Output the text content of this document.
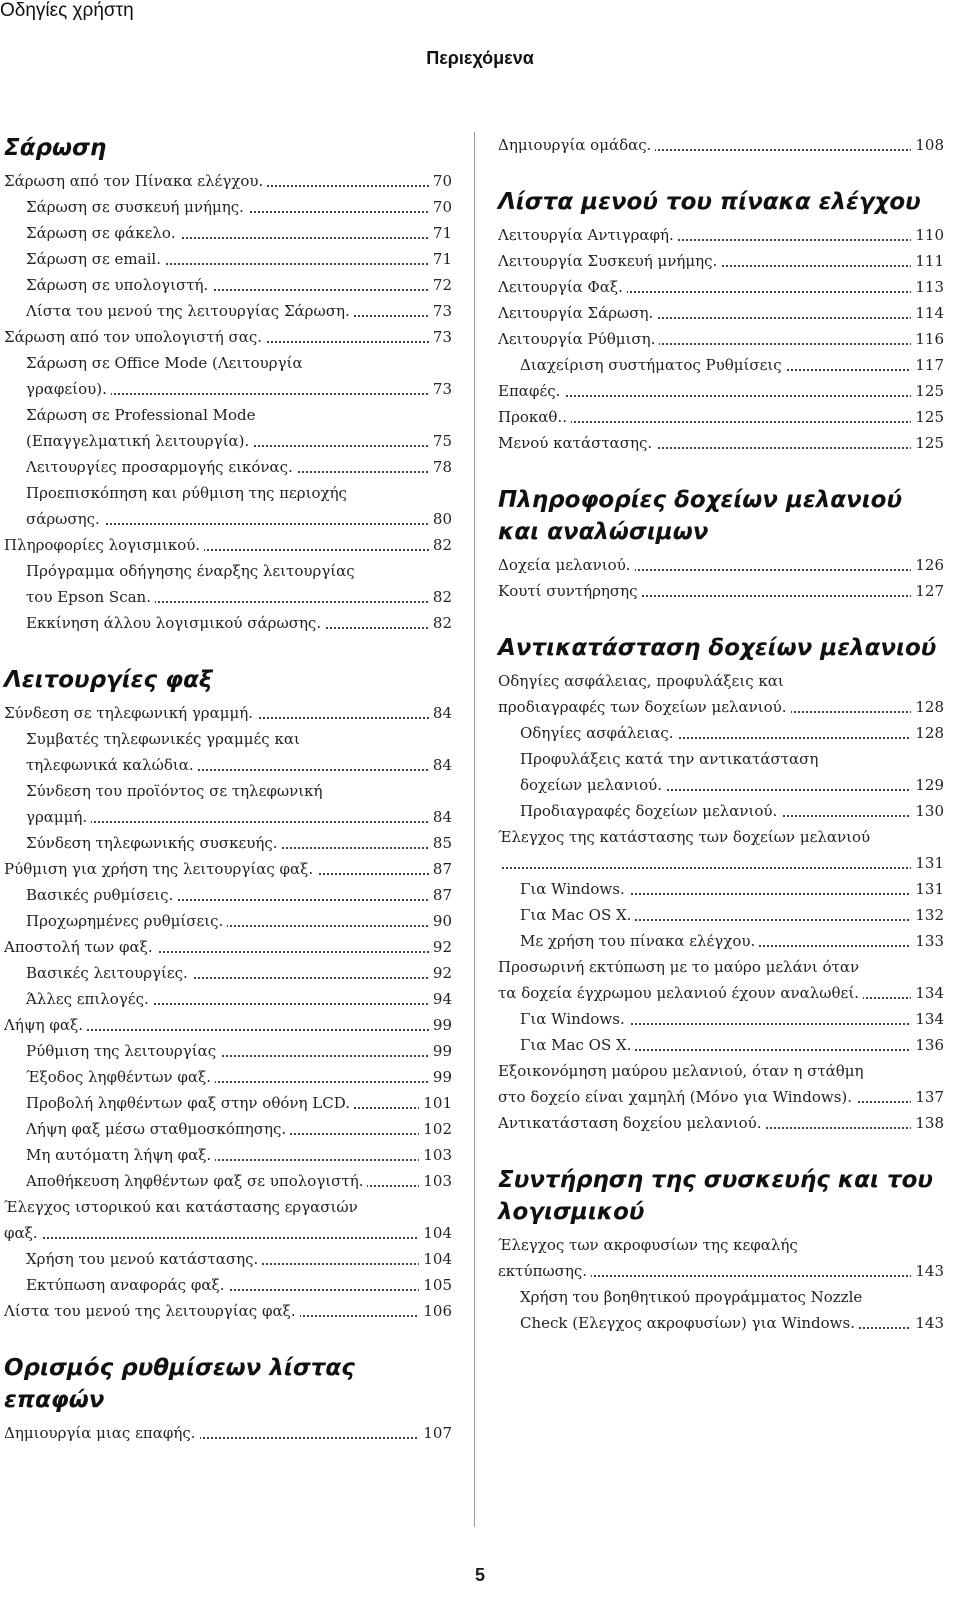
Οδηγίες χρήστη
Περιεχόμενα
Σάρωση
Σάρωση από τον Πίνακα ελέγχου.	70
Σάρωση σε συσκευή μνήμης.	70
Σάρωση σε φάκελο.	71
Σάρωση σε email.	71
Σάρωση σε υπολογιστή.	72
Λίστα του μενού της λειτουργίας Σάρωση.	73
Σάρωση από τον υπολογιστή σας.	73
Σάρωση σε Office Mode (Λειτουργία
γραφείου).	73
Σάρωση σε Professional Mode
(Επαγγελματική λειτουργία).	75
Λειτουργίες προσαρμογής εικόνας.	78
Προεπισκόπηση και ρύθμιση της περιοχής
σάρωσης.	80
Πληροφορίες λογισμικού.	82
Πρόγραμμα οδήγησης έναρξης λειτουργίας
του Epson Scan.	82
Εκκίνηση άλλου λογισμικού σάρωσης.	82
Λειτουργίες φαξ
Σύνδεση σε τηλεφωνική γραμμή.	84
Συμβατές τηλεφωνικές γραμμές και
τηλεφωνικά καλώδια.	84
Σύνδεση του προϊόντος σε τηλεφωνική
γραμμή.	84
Σύνδεση τηλεφωνικής συσκευής.	85
Ρύθμιση για χρήση της λειτουργίας φαξ.	87
Βασικές ρυθμίσεις.	87
Προχωρημένες ρυθμίσεις.	90
Αποστολή των φαξ.	92
Βασικές λειτουργίες.	92
Άλλες επιλογές.	94
Λήψη φαξ.	99
Ρύθμιση της λειτουργίας	99
Έξοδος ληφθέντων φαξ.	99
Προβολή ληφθέντων φαξ στην οθόνη LCD.	101
Λήψη φαξ μέσω σταθμοσκόπησης.	102
Μη αυτόματη λήψη φαξ.	103
Αποθήκευση ληφθέντων φαξ σε υπολογιστή.	103
Έλεγχος ιστορικού και κατάστασης εργασιών
φαξ.	104
Χρήση του μενού κατάστασης.	104
Εκτύπωση αναφοράς φαξ.	105
Λίστα του μενού της λειτουργίας φαξ.	106
Ορισμός ρυθμίσεων λίστας επαφών
Δημιουργία μιας επαφής.	107
Δημιουργία ομάδας.	108
Λίστα μενού του πίνακα ελέγχου
Λειτουργία Αντιγραφή.	110
Λειτουργία Συσκευή μνήμης.	111
Λειτουργία Φαξ.	113
Λειτουργία Σάρωση.	114
Λειτουργία Ρύθμιση.	116
Διαχείριση συστήματος Ρυθμίσεις	117
Επαφές.	125
Προκαθ..	125
Μενού κατάστασης.	125
Πληροφορίες δοχείων μελανιού και αναλώσιμων
Δοχεία μελανιού.	126
Κουτί συντήρησης	127
Αντικατάσταση δοχείων μελανιού
Οδηγίες ασφάλειας, προφυλάξεις και
προδιαγραφές των δοχείων μελανιού.	128
Οδηγίες ασφάλειας.	128
Προφυλάξεις κατά την αντικατάσταση
δοχείων μελανιού.	129
Προδιαγραφές δοχείων μελανιού.	130
Έλεγχος της κατάστασης των δοχείων μελανιού
131
Για Windows.	131
Για Mac OS X.	132
Με χρήση του πίνακα ελέγχου.	133
Προσωρινή εκτύπωση με το μαύρο μελάνι όταν
τα δοχεία έγχρωμου μελανιού έχουν αναλωθεί.	134
Για Windows.	134
Για Mac OS X.	136
Εξοικονόμηση μαύρου μελανιού, όταν η στάθμη
στο δοχείο είναι χαμηλή (Μόνο για Windows).	137
Αντικατάσταση δοχείου μελανιού.	138
Συντήρηση της συσκευής και του λογισμικού
Έλεγχος των ακροφυσίων της κεφαλής
εκτύπωσης.	143
Χρήση του βοηθητικού προγράμματος Nozzle
Check (Ελεγχος ακροφυσίων) για Windows.	143
5
